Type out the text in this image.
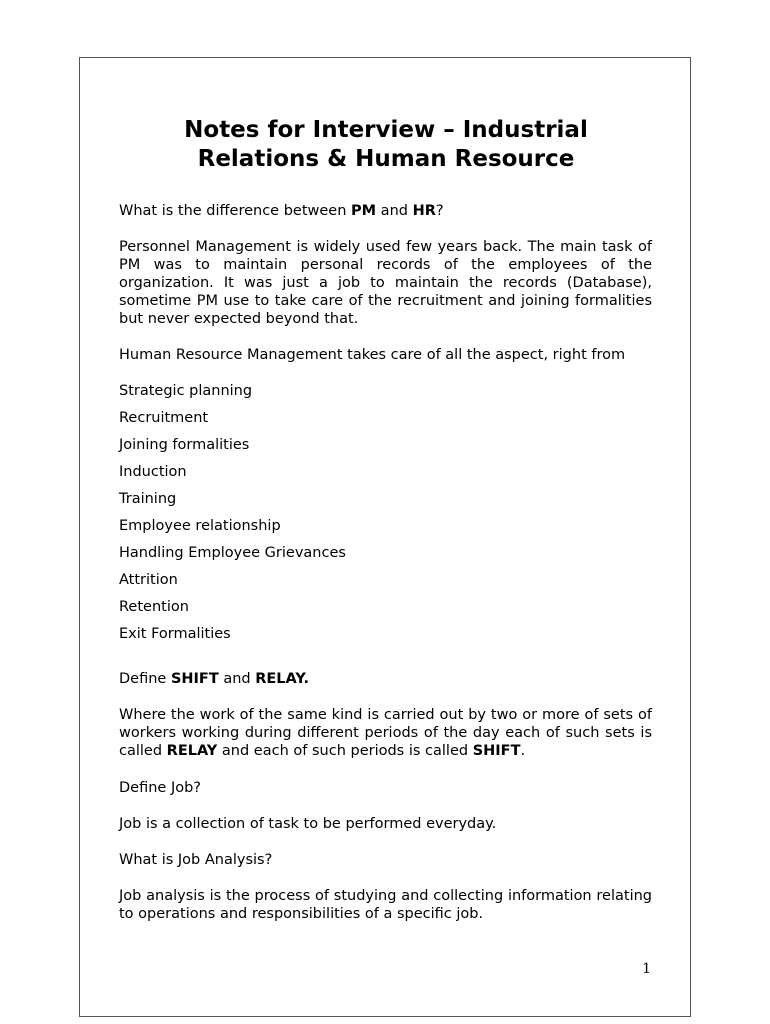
Notes for Interview – Industrial
Relations & Human Resource
What is the difference between PM and HR?
Personnel Management is widely used few years back. The main task of PM was to maintain personal records of the employees of the organization. It was just a job to maintain the records (Database), sometime PM use to take care of the recruitment and joining formalities but never expected beyond that.
Human Resource Management takes care of all the aspect, right from
Strategic planning
Recruitment
Joining formalities
Induction
Training
Employee relationship
Handling Employee Grievances
Attrition
Retention
Exit Formalities
Define SHIFT and RELAY.
Where the work of the same kind is carried out by two or more of sets of workers working during different periods of the day each of such sets is called RELAY and each of such periods is called SHIFT.
Define Job?
Job is a collection of task to be performed everyday.
What is Job Analysis?
Job analysis is the process of studying and collecting information relating to operations and responsibilities of a specific job.
1
